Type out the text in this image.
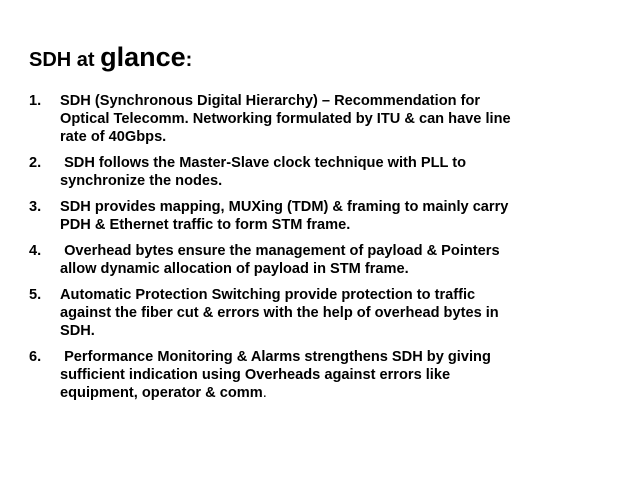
SDH at glance:
1.	SDH (Synchronous Digital Hierarchy) – Recommendation for
Optical Telecomm. Networking formulated by ITU & can have line
rate of 40Gbps.
2.	SDH follows the Master-Slave clock technique with PLL to
synchronize the nodes.
3.	SDH provides mapping, MUXing (TDM) & framing to mainly carry
PDH & Ethernet traffic to form STM frame.
4.	Overhead bytes ensure the management of payload & Pointers
allow dynamic allocation of payload in STM frame.
5.	Automatic Protection Switching provide protection to traffic
against the fiber cut & errors with the help of overhead bytes in
SDH.
6.	Performance Monitoring & Alarms strengthens SDH by giving
sufficient indication using Overheads against errors like
equipment, operator & comm.
